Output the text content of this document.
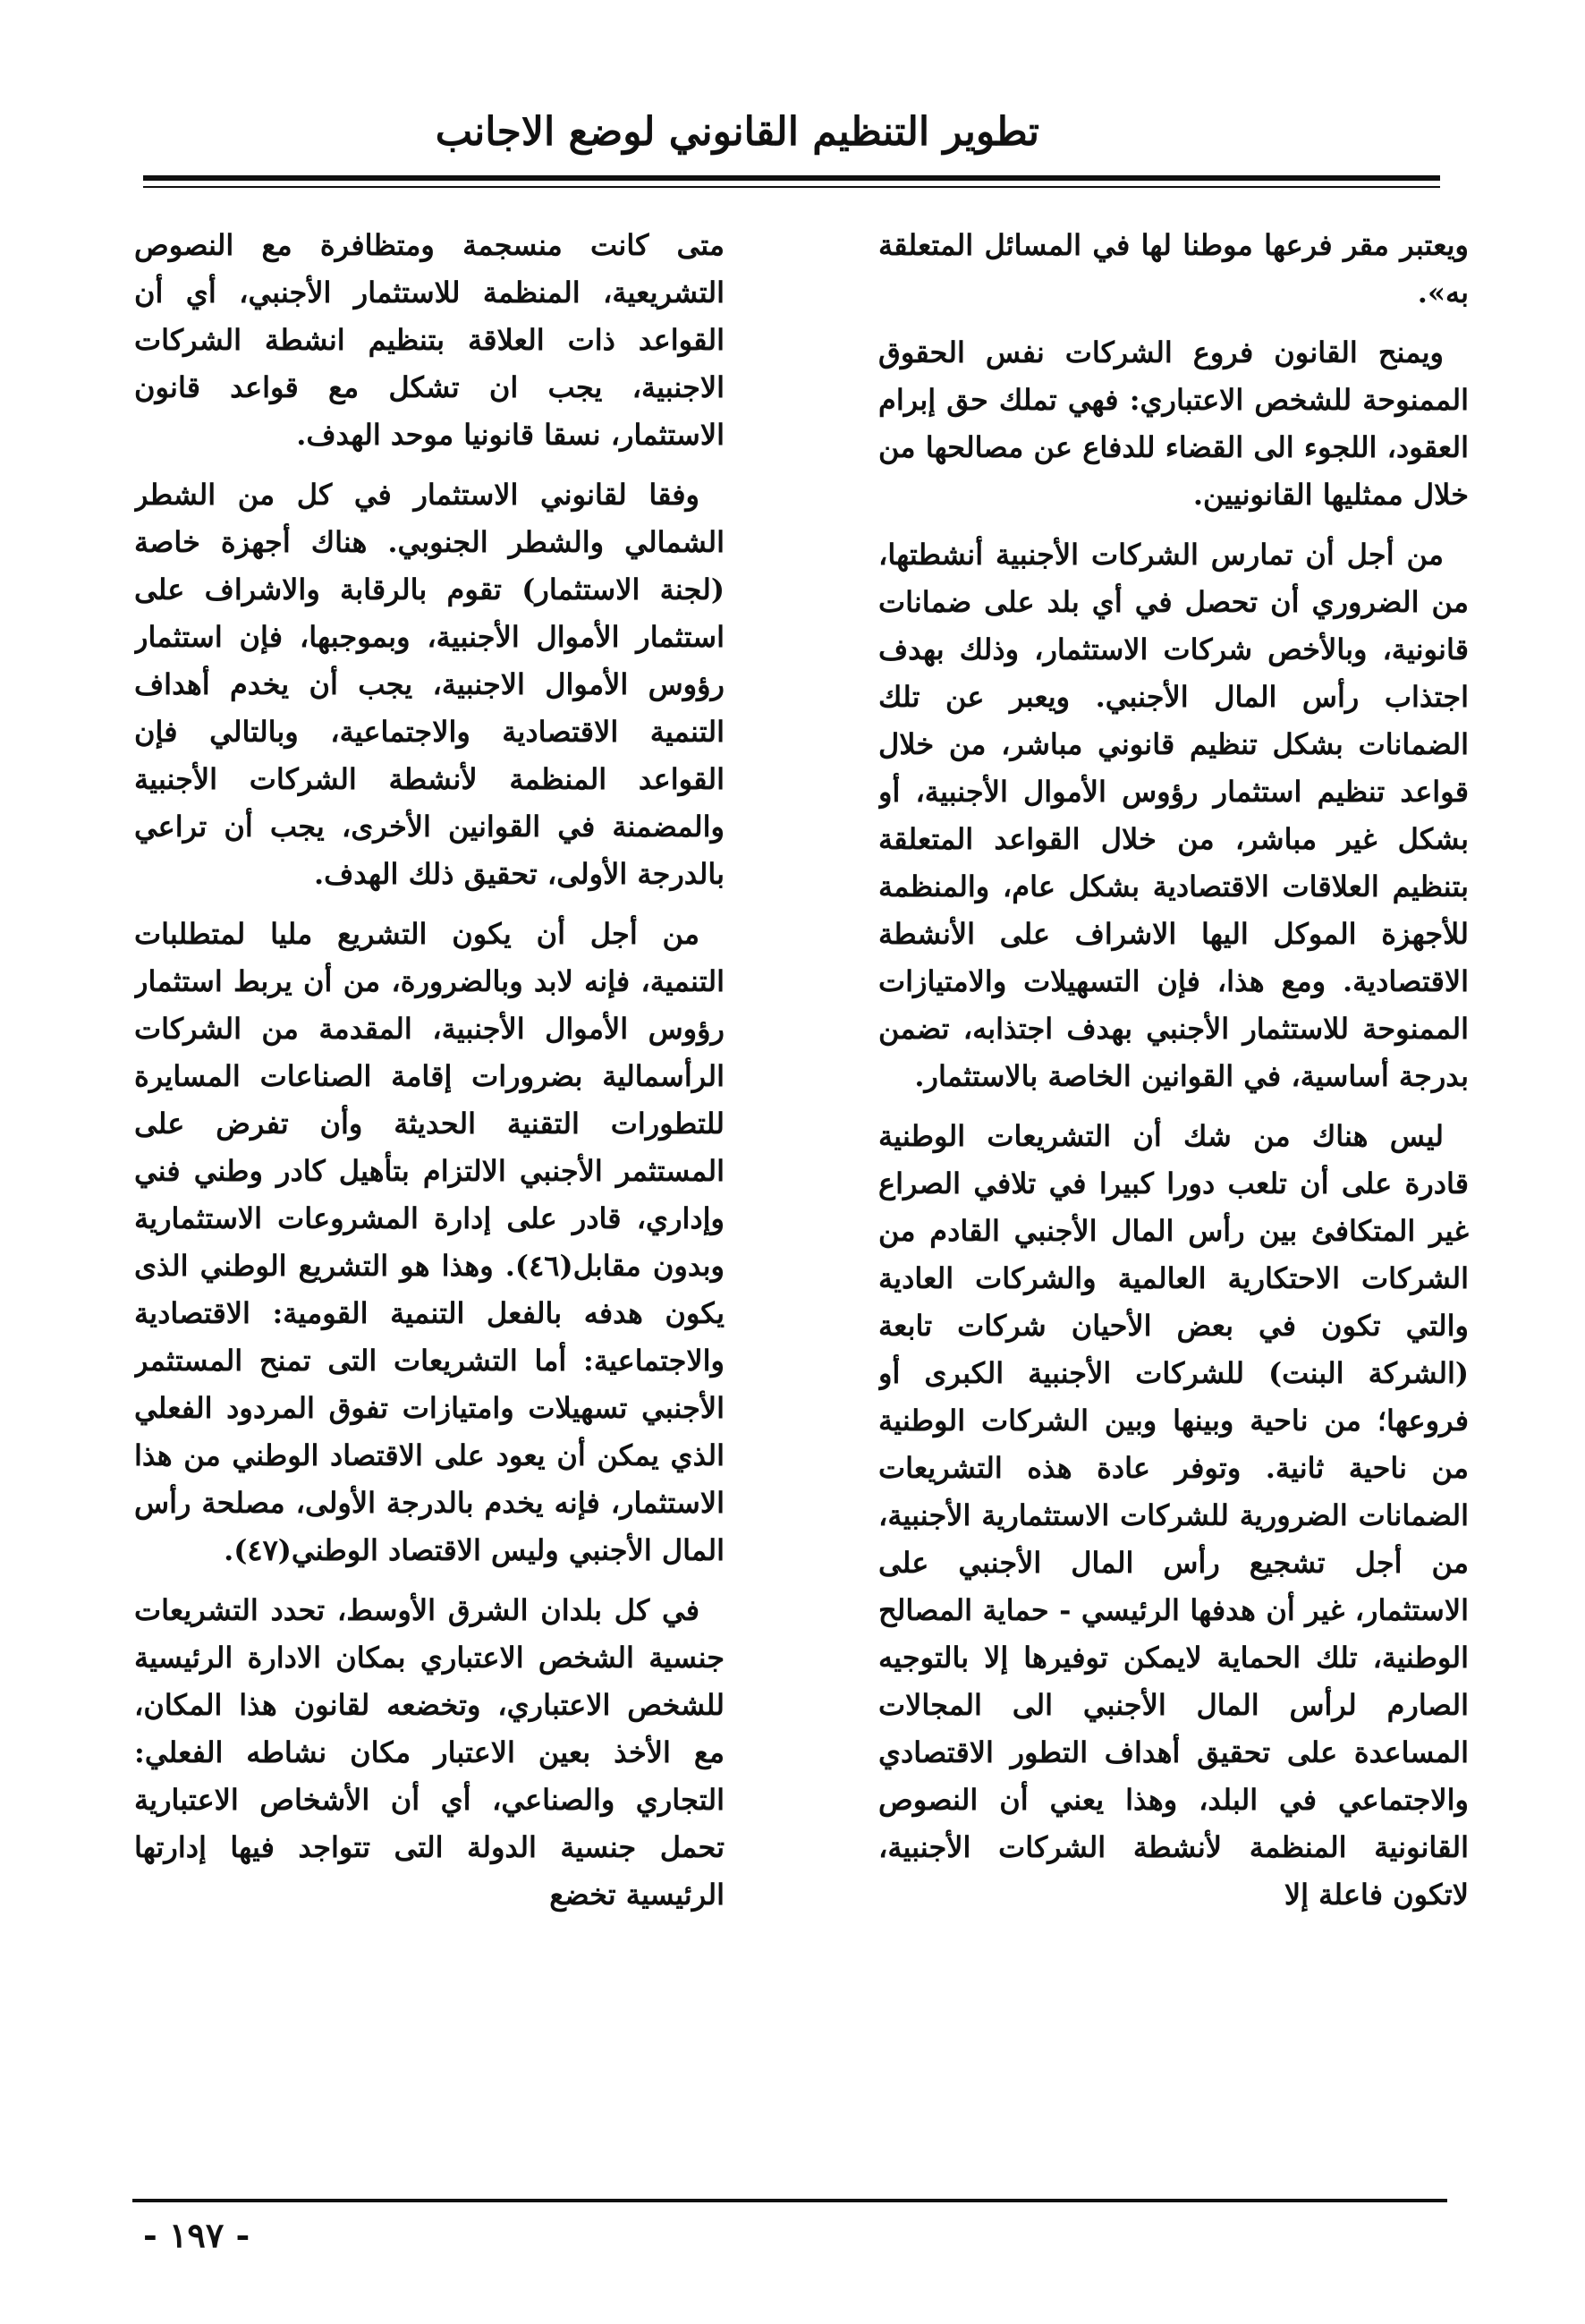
تطوير التنظيم القانوني لوضع الاجانب

ويعتبر مقر فرعها موطنا لها في المسائل المتعلقة به».

ويمنح القانون فروع الشركات نفس الحقوق الممنوحة للشخص الاعتباري: فهي تملك حق إبرام العقود، اللجوء الى القضاء للدفاع عن مصالحها من خلال ممثليها القانونيين.

من أجل أن تمارس الشركات الأجنبية أنشطتها، من الضروري أن تحصل في أي بلد على ضمانات قانونية، وبالأخص شركات الاستثمار، وذلك بهدف اجتذاب رأس المال الأجنبي. ويعبر عن تلك الضمانات بشكل تنظيم قانوني مباشر، من خلال قواعد تنظيم استثمار رؤوس الأموال الأجنبية، أو بشكل غير مباشر، من خلال القواعد المتعلقة بتنظيم العلاقات الاقتصادية بشكل عام، والمنظمة للأجهزة الموكل اليها الاشراف على الأنشطة الاقتصادية. ومع هذا، فإن التسهيلات والامتيازات الممنوحة للاستثمار الأجنبي بهدف اجتذابه، تضمن بدرجة أساسية، في القوانين الخاصة بالاستثمار.

ليس هناك من شك أن التشريعات الوطنية قادرة على أن تلعب دورا كبيرا في تلافي الصراع غير المتكافئ بين رأس المال الأجنبي القادم من الشركات الاحتكارية العالمية والشركات العادية والتي تكون في بعض الأحيان شركات تابعة (الشركة البنت) للشركات الأجنبية الكبرى أو فروعها؛ من ناحية وبينها وبين الشركات الوطنية من ناحية ثانية. وتوفر عادة هذه التشريعات الضمانات الضرورية للشركات الاستثمارية الأجنبية، من أجل تشجيع رأس المال الأجنبي على الاستثمار، غير أن هدفها الرئيسي - حماية المصالح الوطنية، تلك الحماية لايمكن توفيرها إلا بالتوجيه الصارم لرأس المال الأجنبي الى المجالات المساعدة على تحقيق أهداف التطور الاقتصادي والاجتماعي في البلد، وهذا يعني أن النصوص القانونية المنظمة لأنشطة الشركات الأجنبية، لاتكون فاعلة إلا

متى كانت منسجمة ومتظافرة مع النصوص التشريعية، المنظمة للاستثمار الأجنبي، أي أن القواعد ذات العلاقة بتنظيم انشطة الشركات الاجنبية، يجب ان تشكل مع قواعد قانون الاستثمار، نسقا قانونيا موحد الهدف.

وفقا لقانوني الاستثمار في كل من الشطر الشمالي والشطر الجنوبي. هناك أجهزة خاصة (لجنة الاستثمار) تقوم بالرقابة والاشراف على استثمار الأموال الأجنبية، وبموجبها، فإن استثمار رؤوس الأموال الاجنبية، يجب أن يخدم أهداف التنمية الاقتصادية والاجتماعية، وبالتالي فإن القواعد المنظمة لأنشطة الشركات الأجنبية والمضمنة في القوانين الأخرى، يجب أن تراعي بالدرجة الأولى، تحقيق ذلك الهدف.

من أجل أن يكون التشريع مليا لمتطلبات التنمية، فإنه لابد وبالضرورة، من أن يربط استثمار رؤوس الأموال الأجنبية، المقدمة من الشركات الرأسمالية بضرورات إقامة الصناعات المسايرة للتطورات التقنية الحديثة وأن تفرض على المستثمر الأجنبي الالتزام بتأهيل كادر وطني فني وإداري، قادر على إدارة المشروعات الاستثمارية وبدون مقابل(٤٦). وهذا هو التشريع الوطني الذى يكون هدفه بالفعل التنمية القومية: الاقتصادية والاجتماعية: أما التشريعات التى تمنح المستثمر الأجنبي تسهيلات وامتيازات تفوق المردود الفعلي الذي يمكن أن يعود على الاقتصاد الوطني من هذا الاستثمار، فإنه يخدم بالدرجة الأولى، مصلحة رأس المال الأجنبي وليس الاقتصاد الوطني(٤٧).

في كل بلدان الشرق الأوسط، تحدد التشريعات جنسية الشخص الاعتباري بمكان الادارة الرئيسية للشخص الاعتباري، وتخضعه لقانون هذا المكان، مع الأخذ بعين الاعتبار مكان نشاطه الفعلي: التجاري والصناعي، أي أن الأشخاص الاعتبارية تحمل جنسية الدولة التى تتواجد فيها إدارتها الرئيسية تخضع

- ١٩٧ -
